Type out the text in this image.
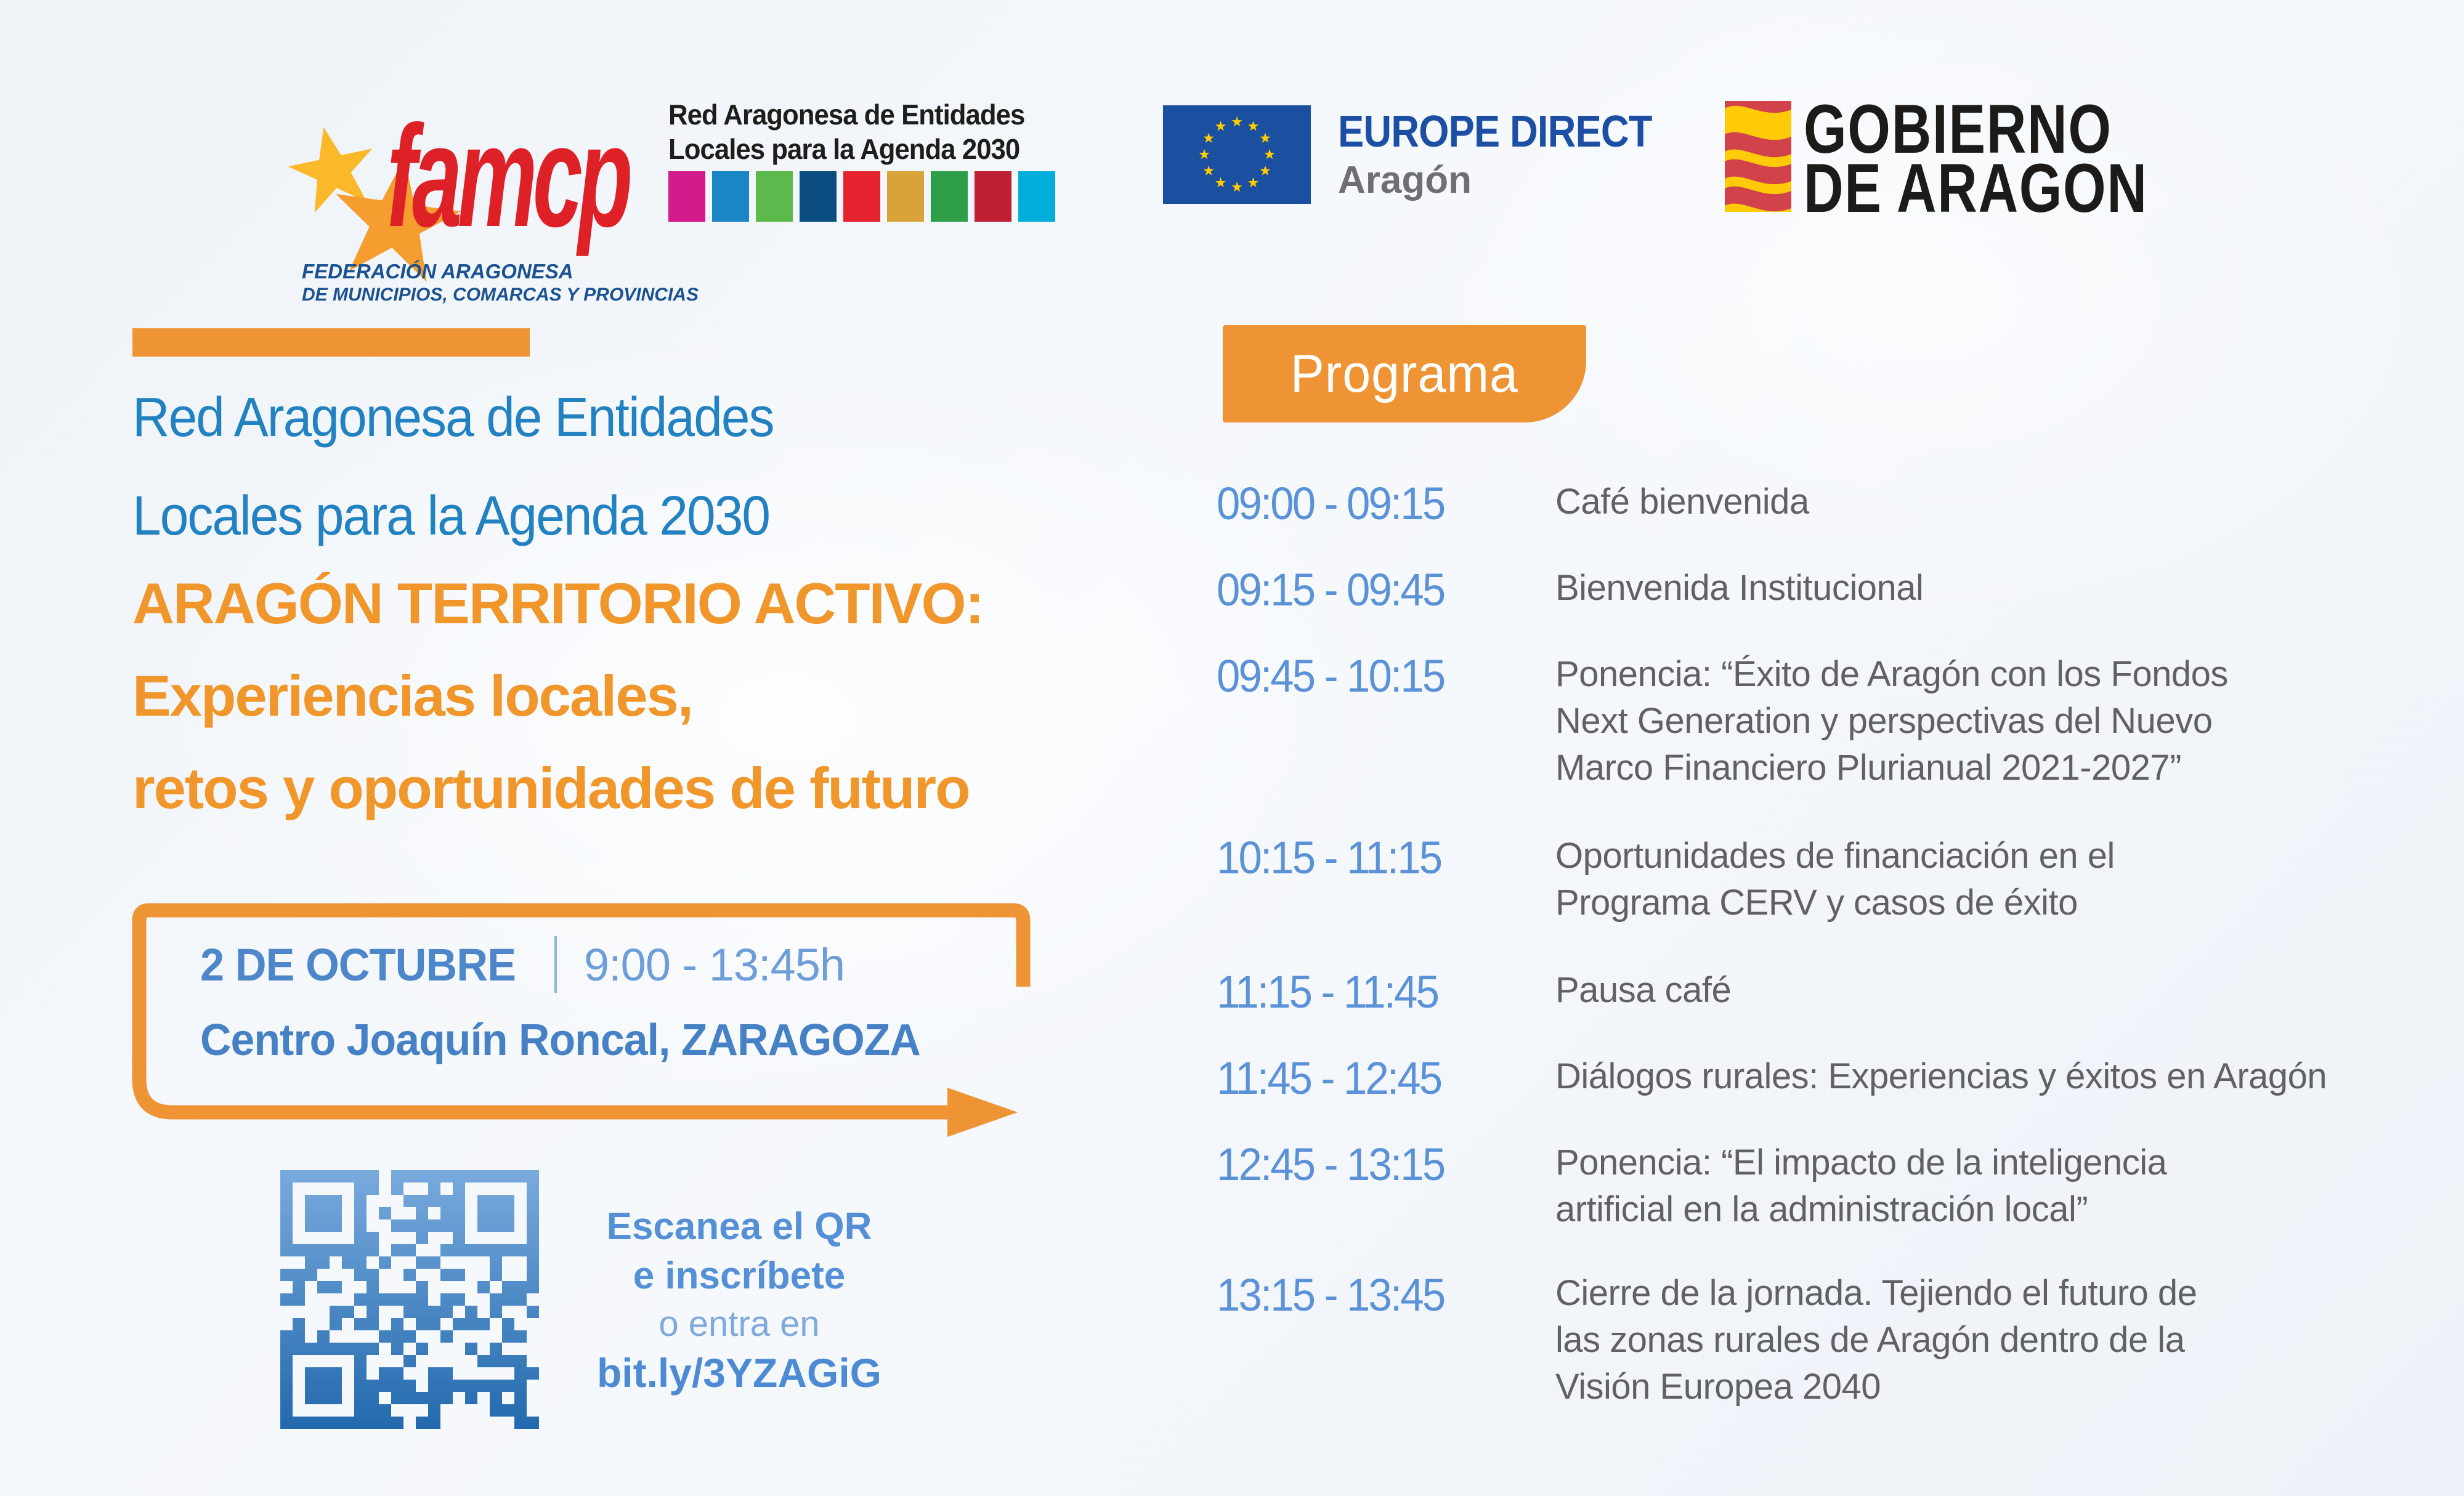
famcp
FEDERACIÓN ARAGONESA
DE MUNICIPIOS, COMARCAS Y PROVINCIAS
Red Aragonesa de Entidades
Locales para la Agenda 2030	EUROPE DIRECT
Aragón
GOBIERNO
DE ARAGON
Red Aragonesa de Entidades
Locales para la Agenda 2030
ARAGÓN TERRITORIO ACTIVO:
Experiencias locales,
retos y oportunidades de futuro
2 DE OCTUBRE 9:00 - 13:45h
Centro Joaquín Roncal, ZARAGOZA
Escanea el QR
e inscríbete
o entra en
bit.ly/3YZAGiG
Programa
09:00 - 09:15	Café bienvenida
09:15 - 09:45	Bienvenida Institucional
09:45 - 10:15	Ponencia: “Éxito de Aragón con los Fondos
Next Generation y perspectivas del Nuevo
Marco Financiero Plurianual 2021-2027”
10:15 - 11:15	Oportunidades de financiación en el
Programa CERV y casos de éxito
11:15 - 11:45	Pausa café
11:45 - 12:45	Diálogos rurales: Experiencias y éxitos en Aragón
12:45 - 13:15	Ponencia: “El impacto de la inteligencia
artificial en la administración local”
13:15 - 13:45	Cierre de la jornada. Tejiendo el futuro de
las zonas rurales de Aragón dentro de la
Visión Europea 2040
